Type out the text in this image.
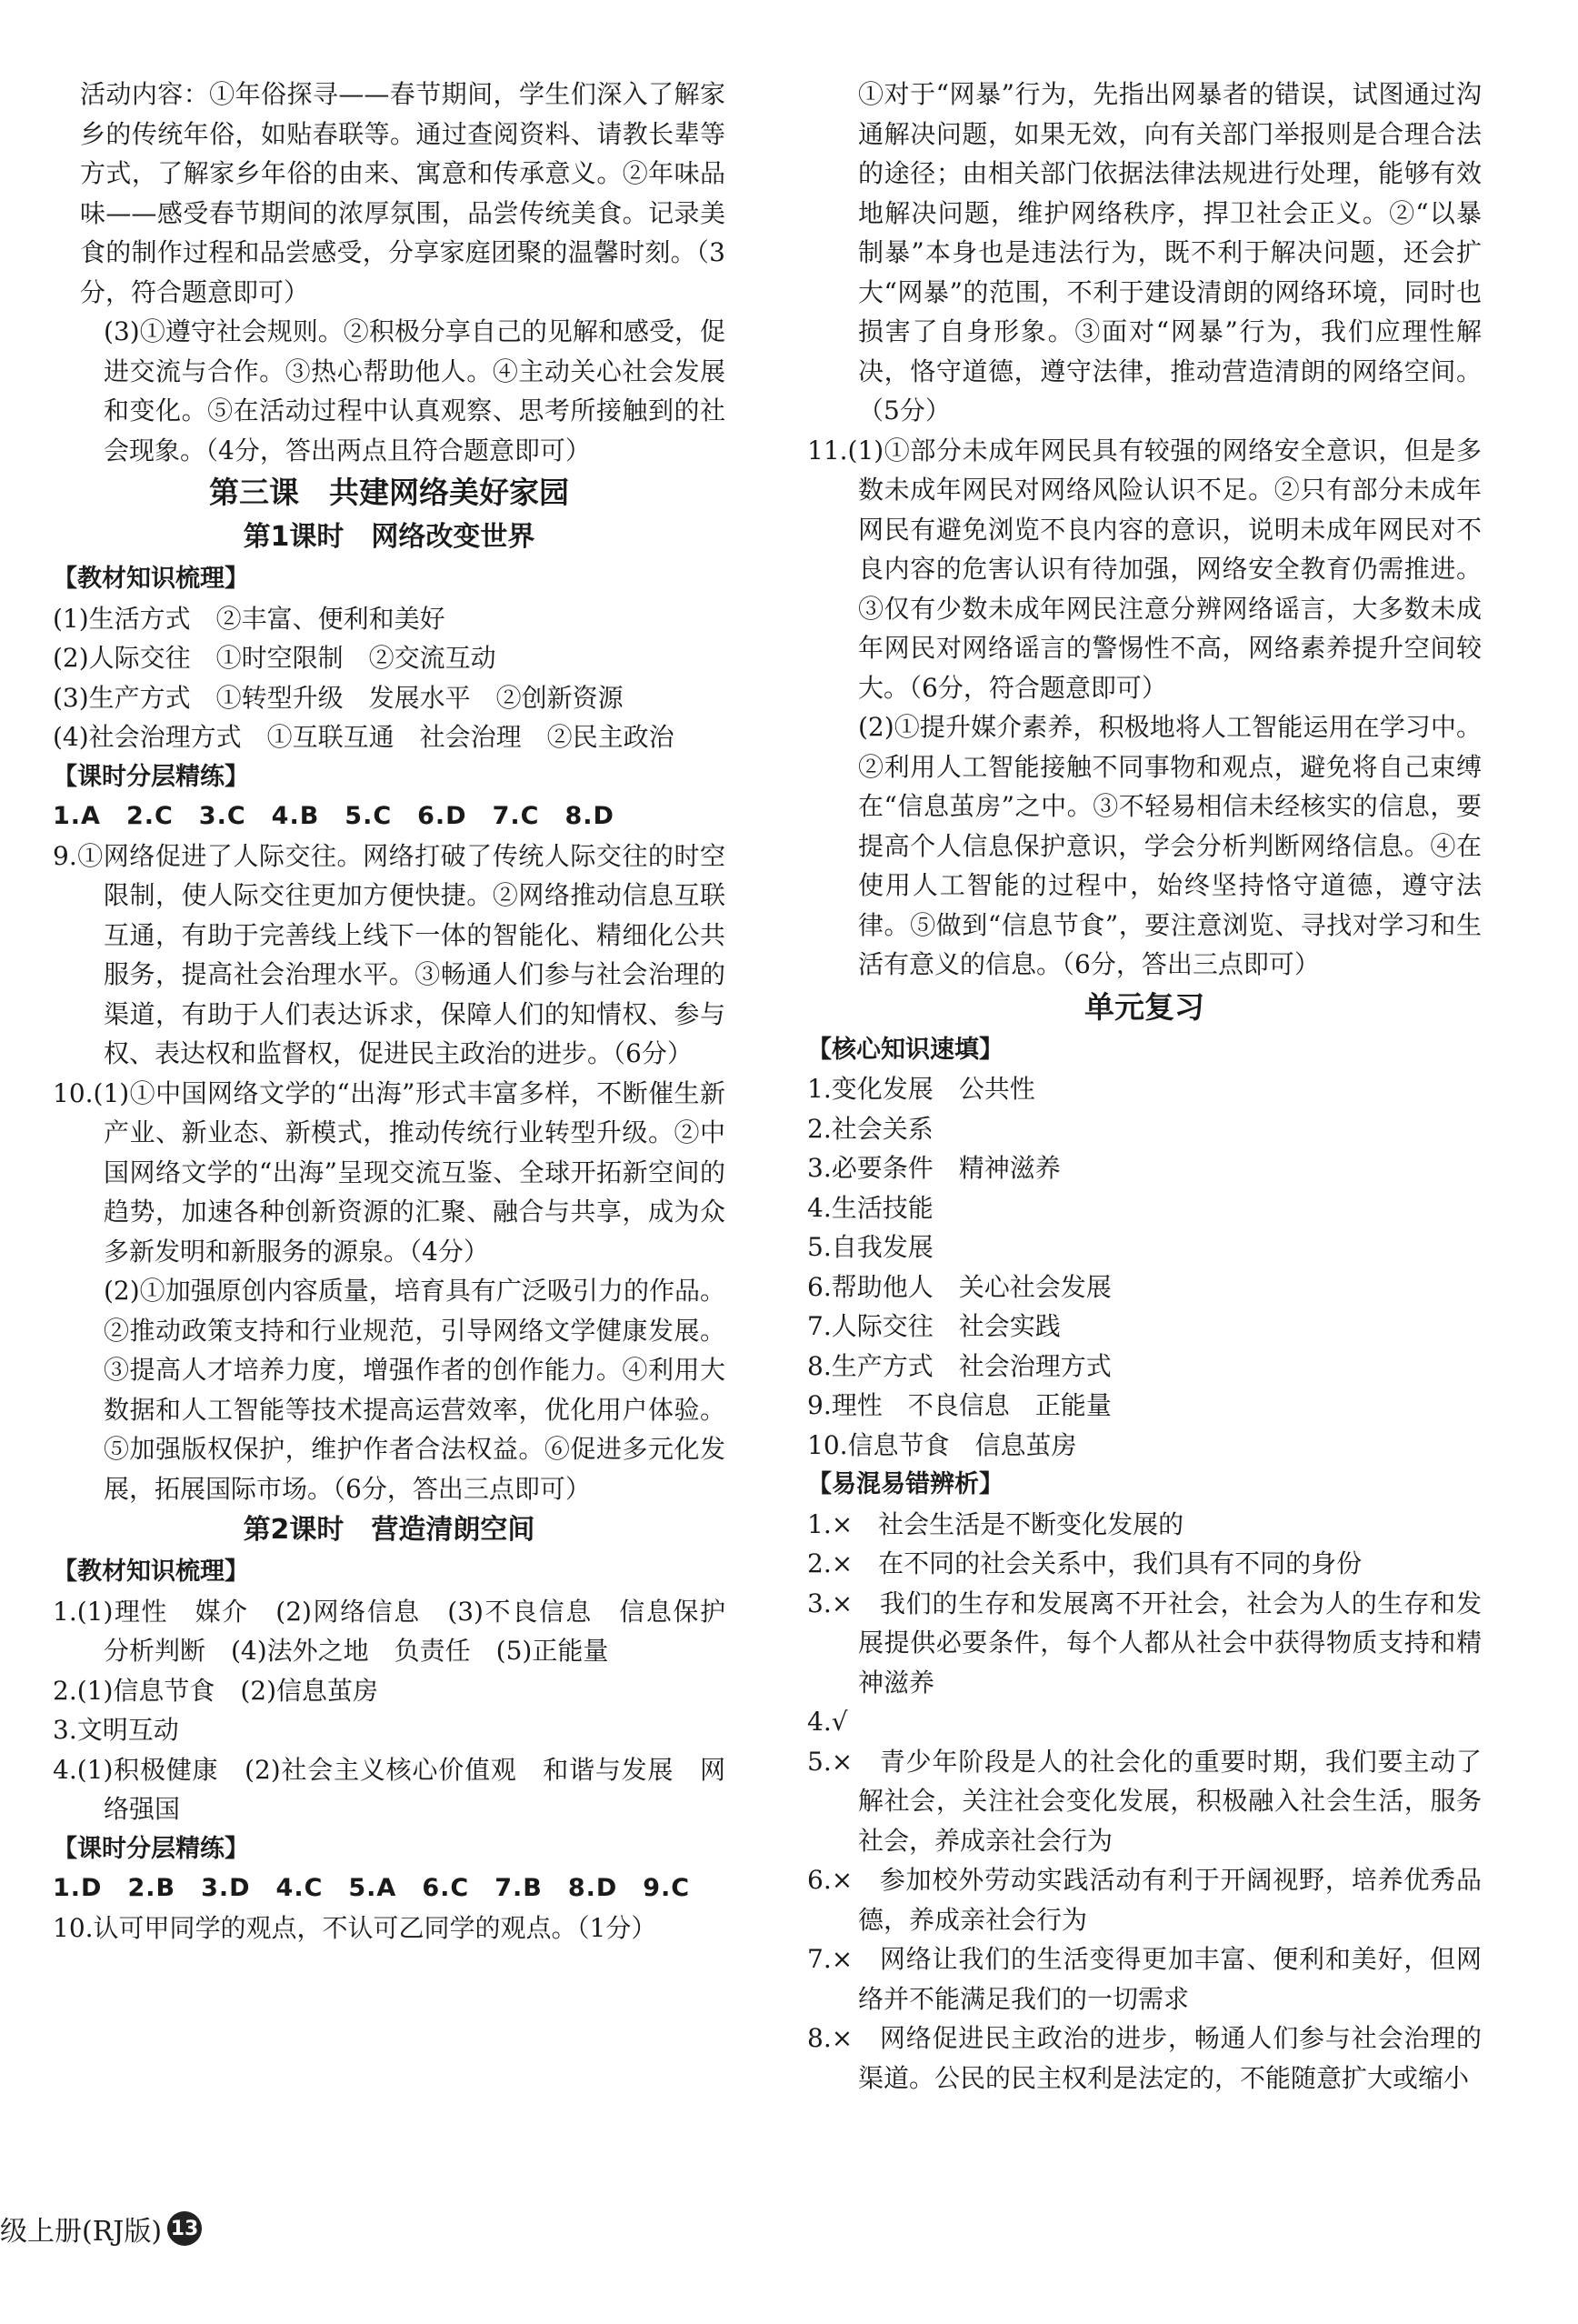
活动内容：①年俗探寻——春节期间，学生们深入了解家乡的传统年俗，如贴春联等。通过查阅资料、请教长辈等方式，了解家乡年俗的由来、寓意和传承意义。②年味品味——感受春节期间的浓厚氛围，品尝传统美食。记录美食的制作过程和品尝感受，分享家庭团聚的温馨时刻。（3分，符合题意即可）

　　(3)①遵守社会规则。②积极分享自己的见解和感受，促进交流与合作。③热心帮助他人。④主动关心社会发展和变化。⑤在活动过程中认真观察、思考所接触到的社会现象。（4分，答出两点且符合题意即可）

第三课　共建网络美好家园

第1课时　网络改变世界

【教材知识梳理】

(1)生活方式　②丰富、便利和美好

(2)人际交往　①时空限制　②交流互动

(3)生产方式　①转型升级　发展水平　②创新资源

(4)社会治理方式　①互联互通　社会治理　②民主政治

【课时分层精练】

1.A　2.C　3.C　4.B　5.C　6.D　7.C　8.D

9.①网络促进了人际交往。网络打破了传统人际交往的时空限制，使人际交往更加方便快捷。②网络推动信息互联互通，有助于完善线上线下一体的智能化、精细化公共服务，提高社会治理水平。③畅通人们参与社会治理的渠道，有助于人们表达诉求，保障人们的知情权、参与权、表达权和监督权，促进民主政治的进步。（6分）

10.(1)①中国网络文学的“出海”形式丰富多样，不断催生新产业、新业态、新模式，推动传统行业转型升级。②中国网络文学的“出海”呈现交流互鉴、全球开拓新空间的趋势，加速各种创新资源的汇聚、融合与共享，成为众多新发明和新服务的源泉。（4分）

(2)①加强原创内容质量，培育具有广泛吸引力的作品。②推动政策支持和行业规范，引导网络文学健康发展。③提高人才培养力度，增强作者的创作能力。④利用大数据和人工智能等技术提高运营效率，优化用户体验。⑤加强版权保护，维护作者合法权益。⑥促进多元化发展，拓展国际市场。（6分，答出三点即可）

第2课时　营造清朗空间

【教材知识梳理】

1.(1)理性　媒介　(2)网络信息　(3)不良信息　信息保护　分析判断　(4)法外之地　负责任　(5)正能量

2.(1)信息节食　(2)信息茧房

3.文明互动

4.(1)积极健康　(2)社会主义核心价值观　和谐与发展　网络强国

【课时分层精练】

1.D　2.B　3.D　4.C　5.A　6.C　7.B　8.D　9.C

10.认可甲同学的观点，不认可乙同学的观点。（1分）

①对于“网暴”行为，先指出网暴者的错误，试图通过沟通解决问题，如果无效，向有关部门举报则是合理合法的途径；由相关部门依据法律法规进行处理，能够有效地解决问题，维护网络秩序，捍卫社会正义。②“以暴制暴”本身也是违法行为，既不利于解决问题，还会扩大“网暴”的范围，不利于建设清朗的网络环境，同时也损害了自身形象。③面对“网暴”行为，我们应理性解决，恪守道德，遵守法律，推动营造清朗的网络空间。（5分）

11.(1)①部分未成年网民具有较强的网络安全意识，但是多数未成年网民对网络风险认识不足。②只有部分未成年网民有避免浏览不良内容的意识，说明未成年网民对不良内容的危害认识有待加强，网络安全教育仍需推进。③仅有少数未成年网民注意分辨网络谣言，大多数未成年网民对网络谣言的警惕性不高，网络素养提升空间较大。（6分，符合题意即可）

(2)①提升媒介素养，积极地将人工智能运用在学习中。②利用人工智能接触不同事物和观点，避免将自己束缚在“信息茧房”之中。③不轻易相信未经核实的信息，要提高个人信息保护意识，学会分析判断网络信息。④在使用人工智能的过程中，始终坚持恪守道德，遵守法律。⑤做到“信息节食”，要注意浏览、寻找对学习和生活有意义的信息。（6分，答出三点即可）

单元复习

【核心知识速填】

1.变化发展　公共性

2.社会关系

3.必要条件　精神滋养

4.生活技能

5.自我发展

6.帮助他人　关心社会发展

7.人际交往　社会实践

8.生产方式　社会治理方式

9.理性　不良信息　正能量

10.信息节食　信息茧房

【易混易错辨析】

1.×　社会生活是不断变化发展的

2.×　在不同的社会关系中，我们具有不同的身份

3.×　我们的生存和发展离不开社会，社会为人的生存和发展提供必要条件，每个人都从社会中获得物质支持和精神滋养

4.√

5.×　青少年阶段是人的社会化的重要时期，我们要主动了解社会，关注社会变化发展，积极融入社会生活，服务社会，养成亲社会行为

6.×　参加校外劳动实践活动有利于开阔视野，培养优秀品德，养成亲社会行为

7.×　网络让我们的生活变得更加丰富、便利和美好，但网络并不能满足我们的一切需求

8.×　网络促进民主政治的进步，畅通人们参与社会治理的渠道。公民的民主权利是法定的，不能随意扩大或缩小

级上册(RJ版) 13
